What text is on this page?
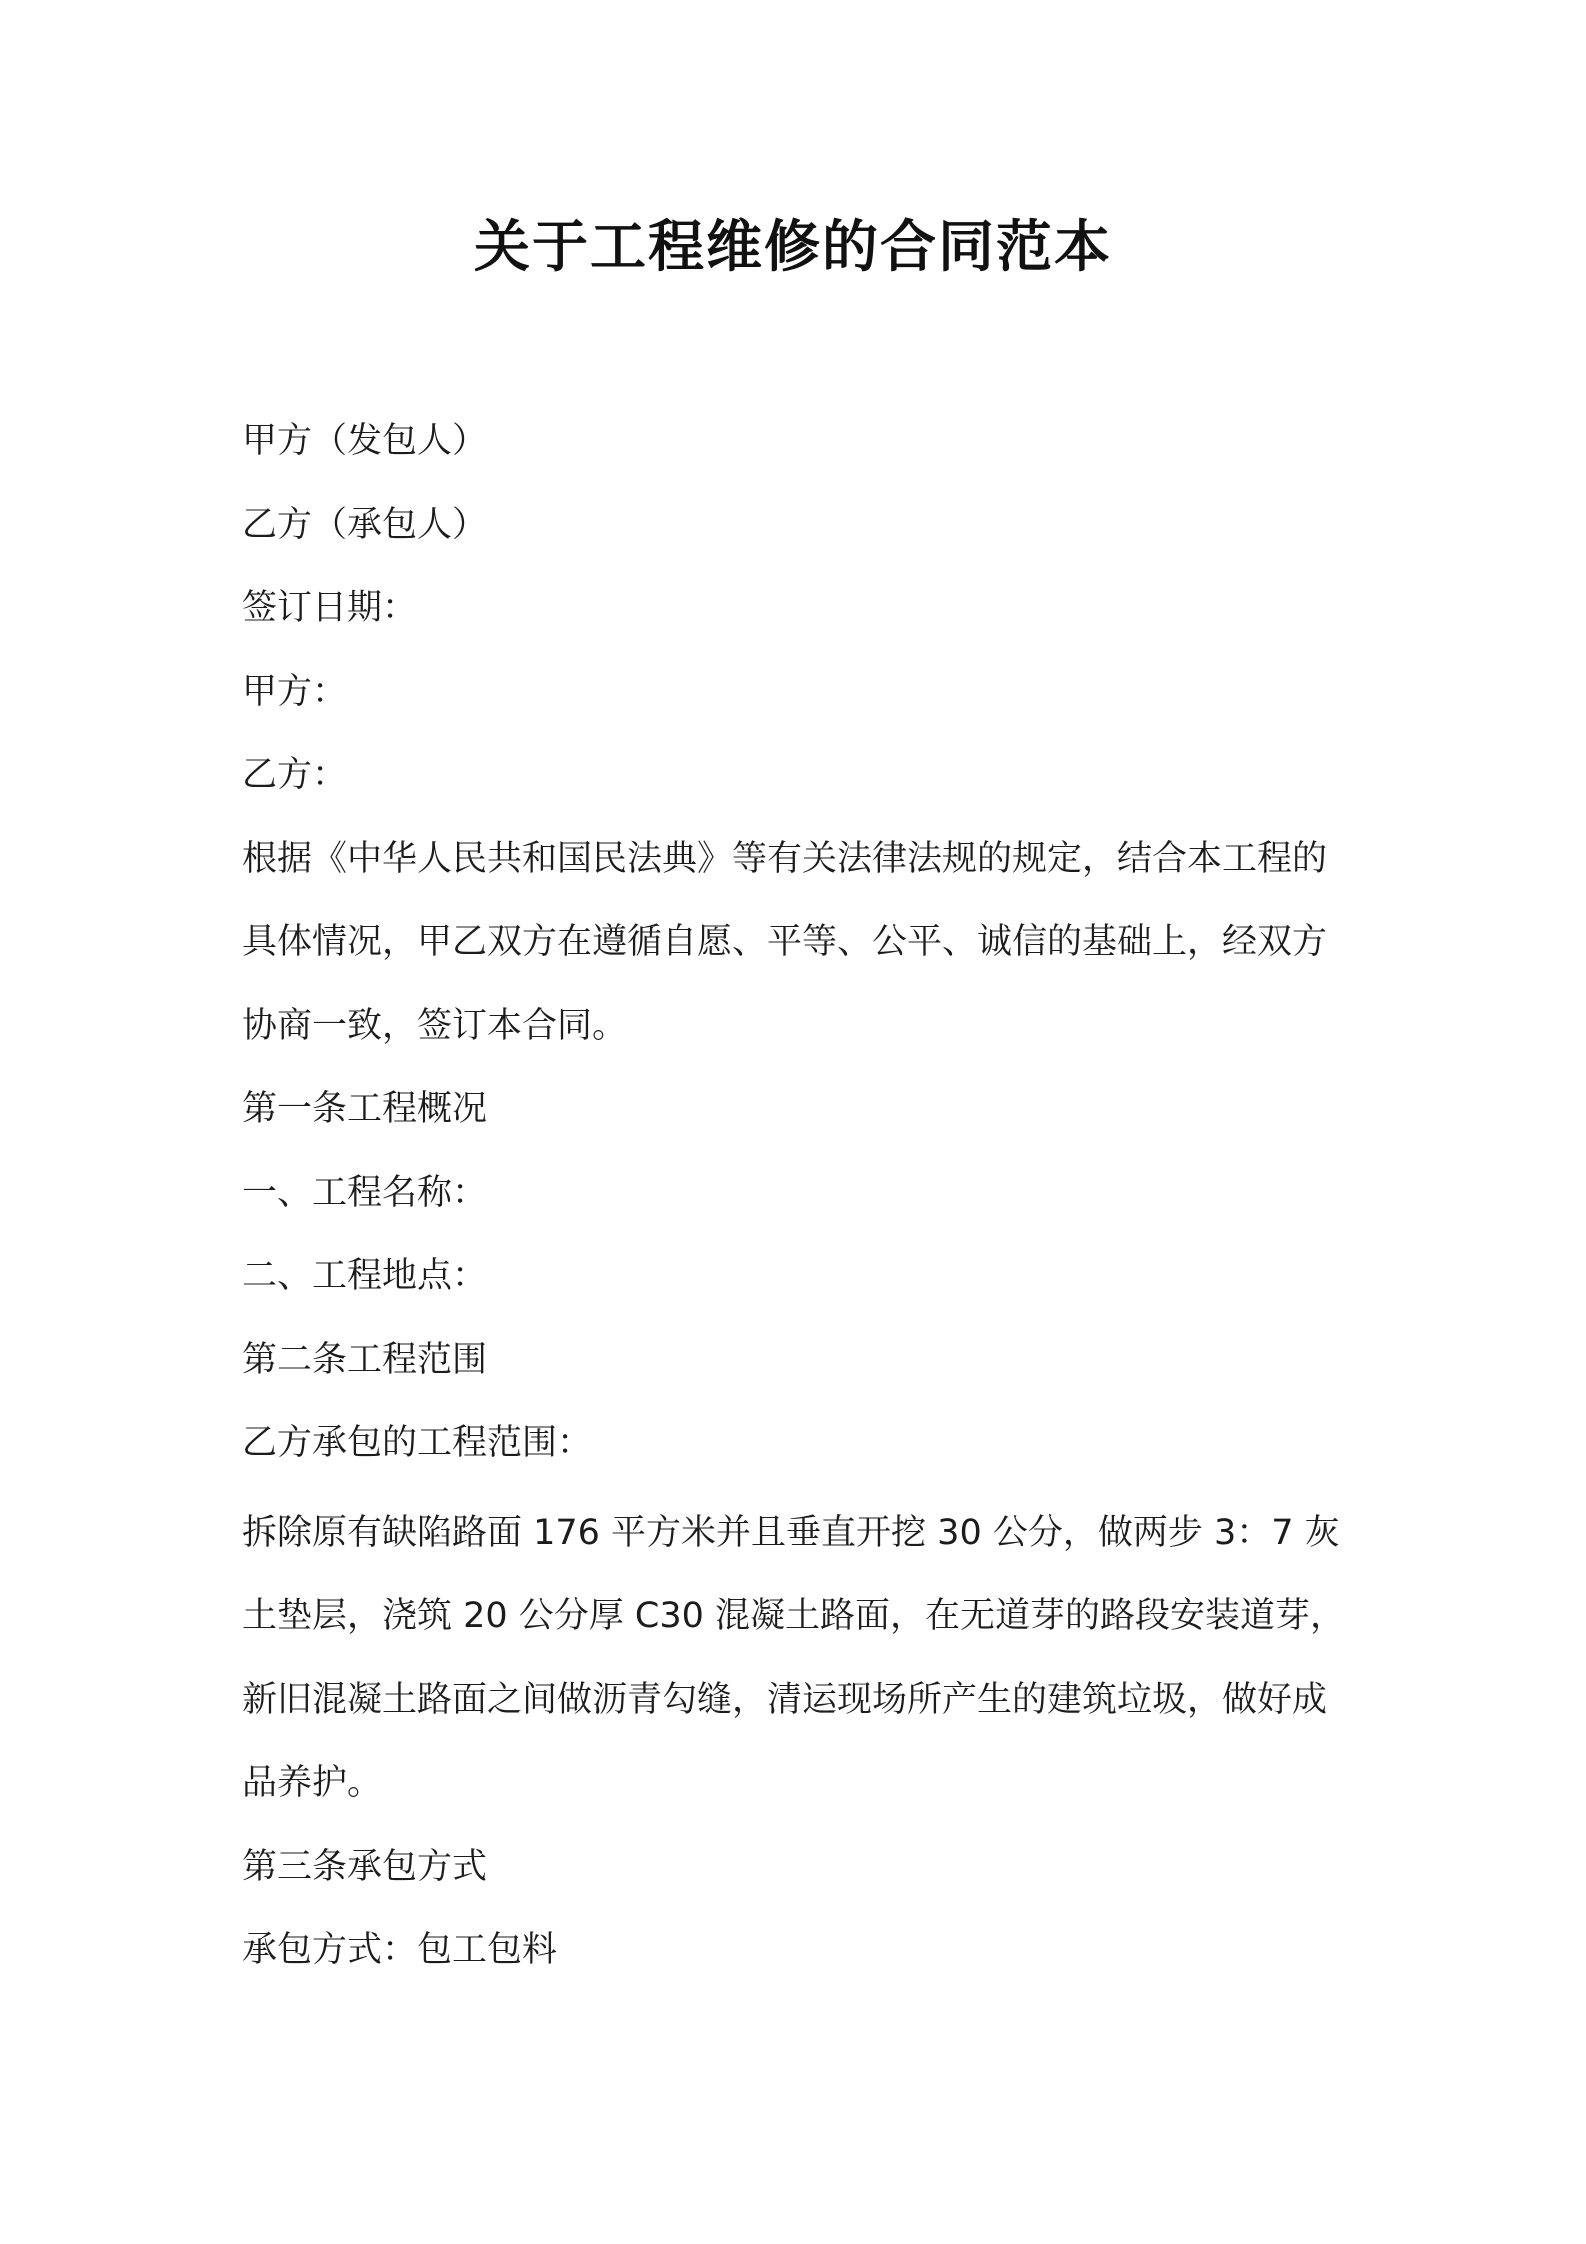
关于工程维修的合同范本

甲方（发包人）

乙方（承包人）

签订日期：

甲方：

乙方：

根据《中华人民共和国民法典》等有关法律法规的规定，结合本工程的具体情况，甲乙双方在遵循自愿、平等、公平、诚信的基础上，经双方协商一致，签订本合同。

第一条工程概况

一、工程名称：

二、工程地点：

第二条工程范围

乙方承包的工程范围：

拆除原有缺陷路面 176 平方米并且垂直开挖 30 公分，做两步 3：7 灰土垫层，浇筑 20 公分厚 C30 混凝土路面，在无道芽的路段安装道芽，新旧混凝土路面之间做沥青勾缝，清运现场所产生的建筑垃圾，做好成品养护。

第三条承包方式

承包方式：包工包料
